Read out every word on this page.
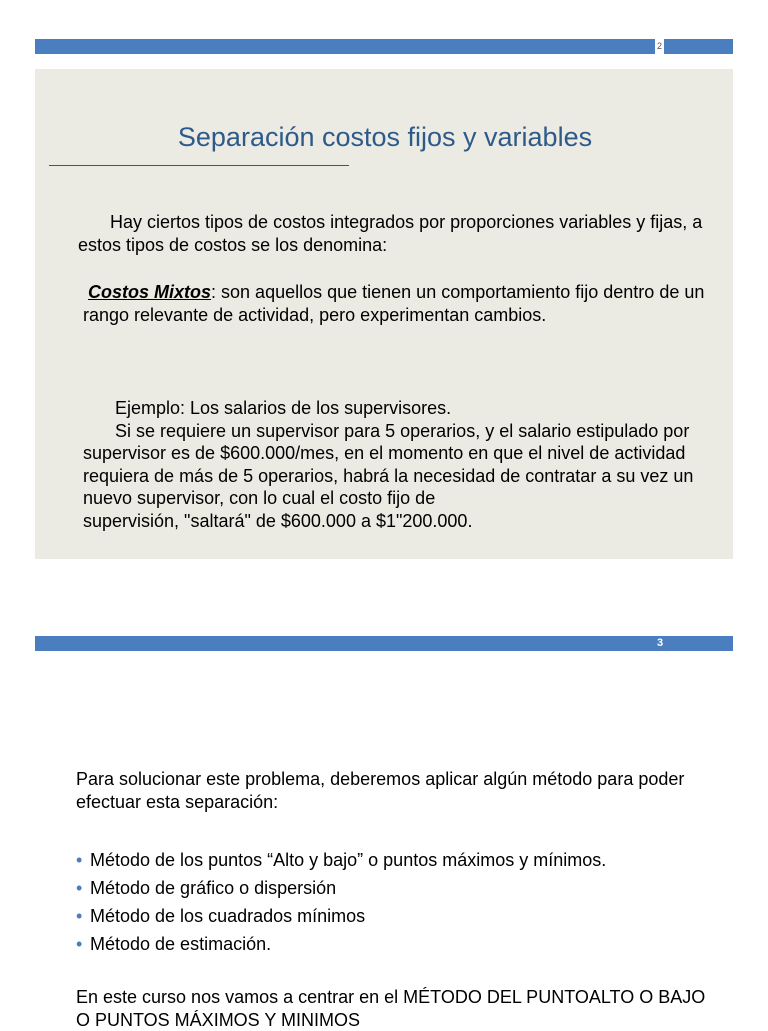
2
Separación costos fijos y variables

Hay ciertos tipos de costos integrados por proporciones variables y fijas, a estos tipos de costos se los denomina:

Costos Mixtos: son aquellos que tienen un comportamiento fijo dentro de un rango relevante de actividad, pero experimentan cambios.

Ejemplo: Los salarios de los supervisores.
Si se requiere un supervisor para 5 operarios, y el salario estipulado por supervisor es de $600.000/mes, en el momento en que el nivel de actividad requiera de más de 5 operarios, habrá la necesidad de contratar a su vez un nuevo supervisor, con lo cual el costo fijo de
supervisión, "saltará" de $600.000 a $1"200.000.

3

Para solucionar este problema, deberemos aplicar algún método para poder efectuar esta separación:

• Método de los puntos “Alto y bajo” o puntos máximos y mínimos.
• Método de gráfico o dispersión
• Método de los cuadrados mínimos
• Método de estimación.

En este curso nos vamos a centrar en el MÉTODO DEL PUNTOALTO O BAJO O PUNTOS MÁXIMOS Y MINIMOS
